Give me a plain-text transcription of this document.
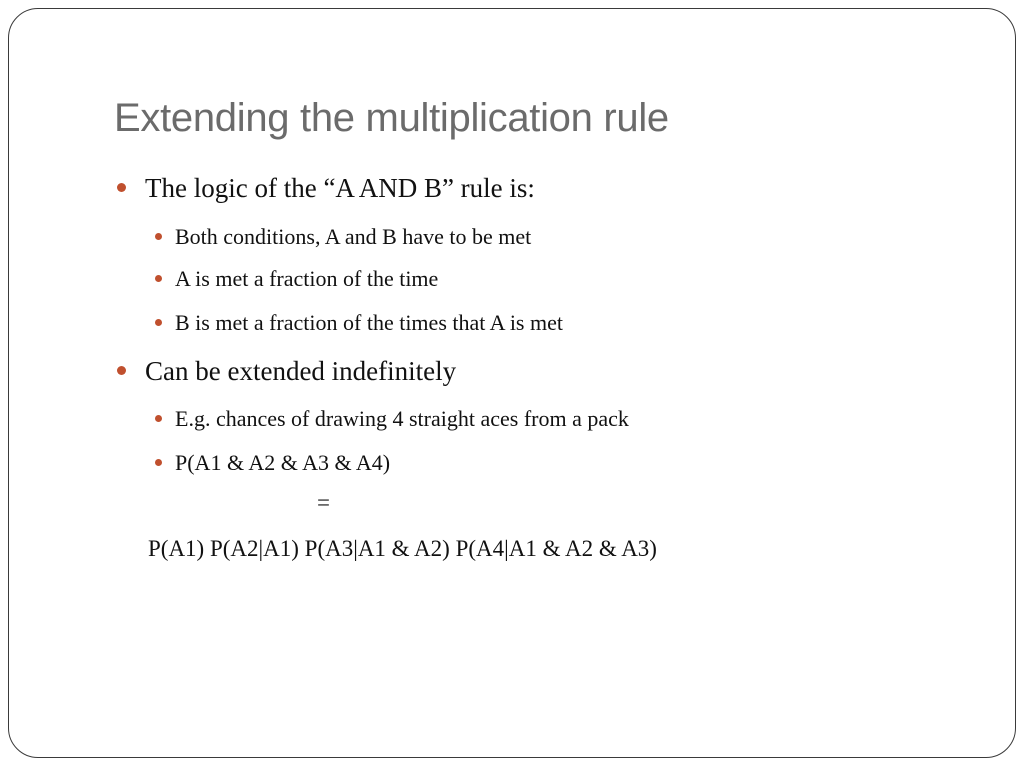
Extending the multiplication rule
The logic of the “A AND B” rule is:
Both conditions, A and B have to be met
A is met a fraction of the time
B is met a fraction of the times that A is met
Can be extended indefinitely
E.g. chances of drawing 4 straight aces from a pack
P(A1 & A2 & A3 & A4)
=
P(A1) P(A2|A1) P(A3|A1 & A2) P(A4|A1 & A2 & A3)
